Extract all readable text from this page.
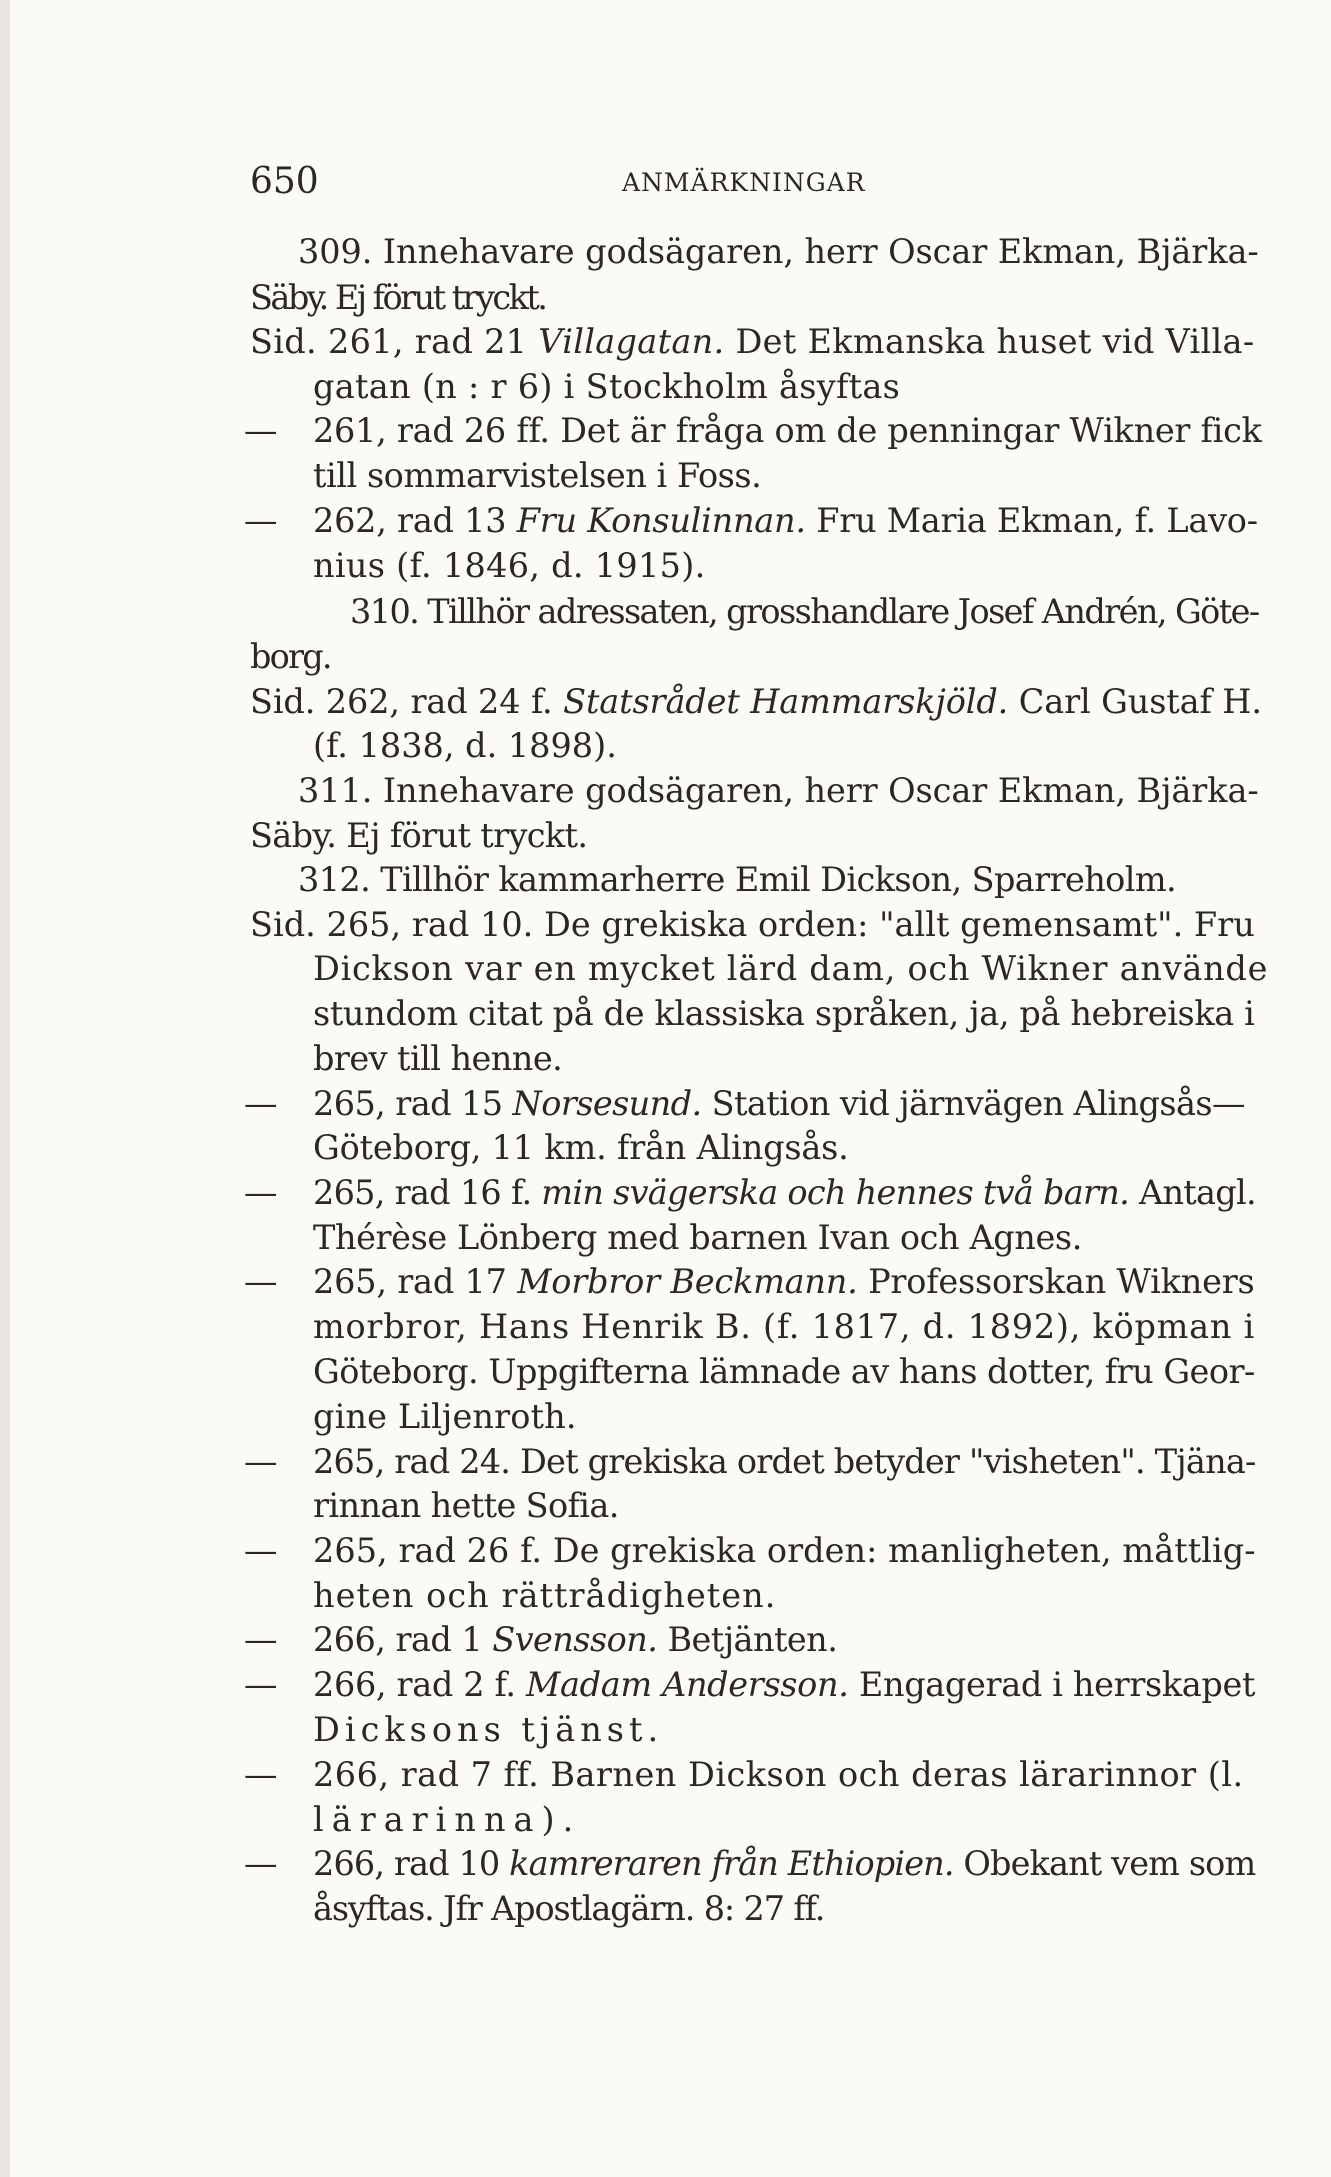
650	ANMÄRKNINGAR
309. Innehavare godsägaren, herr Oscar Ekman, Bjärka-
Säby. Ej förut tryckt.
Sid. 261, rad 21 Villagatan. Det Ekmanska huset vid Villa-
gatan (n : r 6) i Stockholm åsyftas
— 261, rad 26 ff. Det är fråga om de penningar Wikner fick
till sommarvistelsen i Foss.
— 262, rad 13 Fru Konsulinnan. Fru Maria Ekman, f. Lavo-
nius (f. 1846, d. 1915).
310. Tillhör adressaten, grosshandlare Josef Andrén, Göte-
borg.
Sid. 262, rad 24 f. Statsrådet Hammarskjöld. Carl Gustaf H.
(f. 1838, d. 1898).
311. Innehavare godsägaren, herr Oscar Ekman, Bjärka-
Säby. Ej förut tryckt.
312. Tillhör kammarherre Emil Dickson, Sparreholm.
Sid. 265, rad 10. De grekiska orden: "allt gemensamt". Fru
Dickson var en mycket lärd dam, och Wikner använde
stundom citat på de klassiska språken, ja, på hebreiska i
brev till henne.
— 265, rad 15 Norsesund. Station vid järnvägen Alingsås—
Göteborg, 11 km. från Alingsås.
— 265, rad 16 f. min svägerska och hennes två barn. Antagl.
Thérèse Lönberg med barnen Ivan och Agnes.
— 265, rad 17 Morbror Beckmann. Professorskan Wikners
morbror, Hans Henrik B. (f. 1817, d. 1892), köpman i
Göteborg. Uppgifterna lämnade av hans dotter, fru Geor-
gine Liljenroth.
— 265, rad 24. Det grekiska ordet betyder "visheten". Tjäna-
rinnan hette Sofia.
— 265, rad 26 f. De grekiska orden: manligheten, måttlig-
heten och rättrådigheten.
— 266, rad 1 Svensson. Betjänten.
— 266, rad 2 f. Madam Andersson. Engagerad i herrskapet
Dicksons tjänst.
— 266, rad 7 ff. Barnen Dickson och deras lärarinnor (l.
lärarinna).
— 266, rad 10 kamreraren från Ethiopien. Obekant vem som
åsyftas. Jfr Apostlagärn. 8: 27 ff.
